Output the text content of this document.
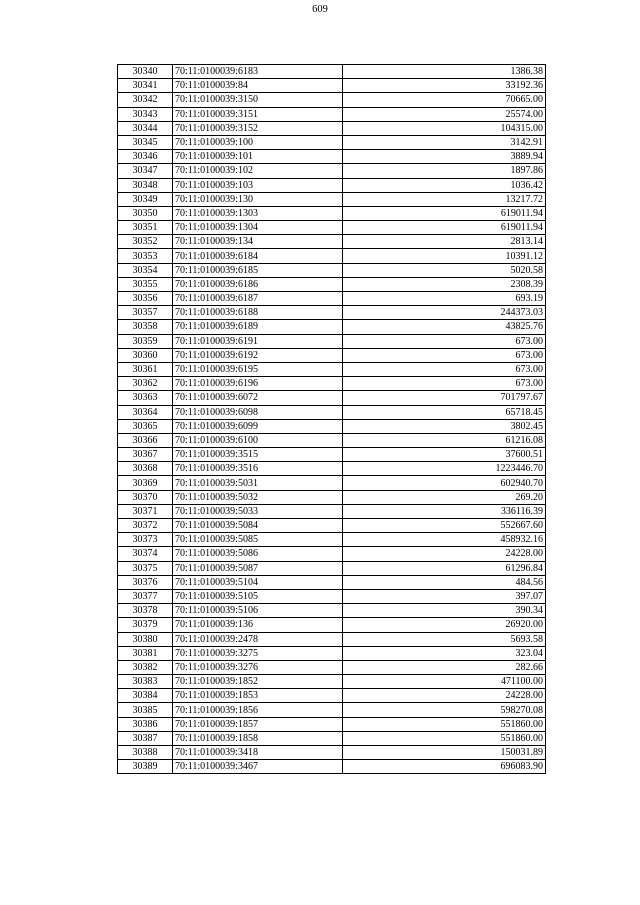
609
30340	70:11:0100039:6183	1386.38
30341	70:11:0100039:84	33192.36
30342	70:11:0100039:3150	70665.00
30343	70:11:0100039:3151	25574.00
30344	70:11:0100039:3152	104315.00
30345	70:11:0100039:100	3142.91
30346	70:11:0100039:101	3889.94
30347	70:11:0100039:102	1897.86
30348	70:11:0100039:103	1036.42
30349	70:11:0100039:130	13217.72
30350	70:11:0100039:1303	619011.94
30351	70:11:0100039:1304	619011.94
30352	70:11:0100039:134	2813.14
30353	70:11:0100039:6184	10391.12
30354	70:11:0100039:6185	5020.58
30355	70:11:0100039:6186	2308.39
30356	70:11:0100039:6187	693.19
30357	70:11:0100039:6188	244373.03
30358	70:11:0100039:6189	43825.76
30359	70:11:0100039:6191	673.00
30360	70:11:0100039:6192	673.00
30361	70:11:0100039:6195	673.00
30362	70:11:0100039:6196	673.00
30363	70:11:0100039:6072	701797.67
30364	70:11:0100039:6098	65718.45
30365	70:11:0100039:6099	3802.45
30366	70:11:0100039:6100	61216.08
30367	70:11:0100039:3515	37600.51
30368	70:11:0100039:3516	1223446.70
30369	70:11:0100039:5031	602940.70
30370	70:11:0100039:5032	269.20
30371	70:11:0100039:5033	336116.39
30372	70:11:0100039:5084	552667.60
30373	70:11:0100039:5085	458932.16
30374	70:11:0100039:5086	24228.00
30375	70:11:0100039:5087	61296.84
30376	70:11:0100039:5104	484.56
30377	70:11:0100039:5105	397.07
30378	70:11:0100039:5106	390.34
30379	70:11:0100039:136	26920.00
30380	70:11:0100039:2478	5693.58
30381	70:11:0100039:3275	323.04
30382	70:11:0100039:3276	282.66
30383	70:11:0100039:1852	471100.00
30384	70:11:0100039:1853	24228.00
30385	70:11:0100039:1856	598270.08
30386	70:11:0100039:1857	551860.00
30387	70:11:0100039:1858	551860.00
30388	70:11:0100039:3418	150031.89
30389	70:11:0100039:3467	696083.90
